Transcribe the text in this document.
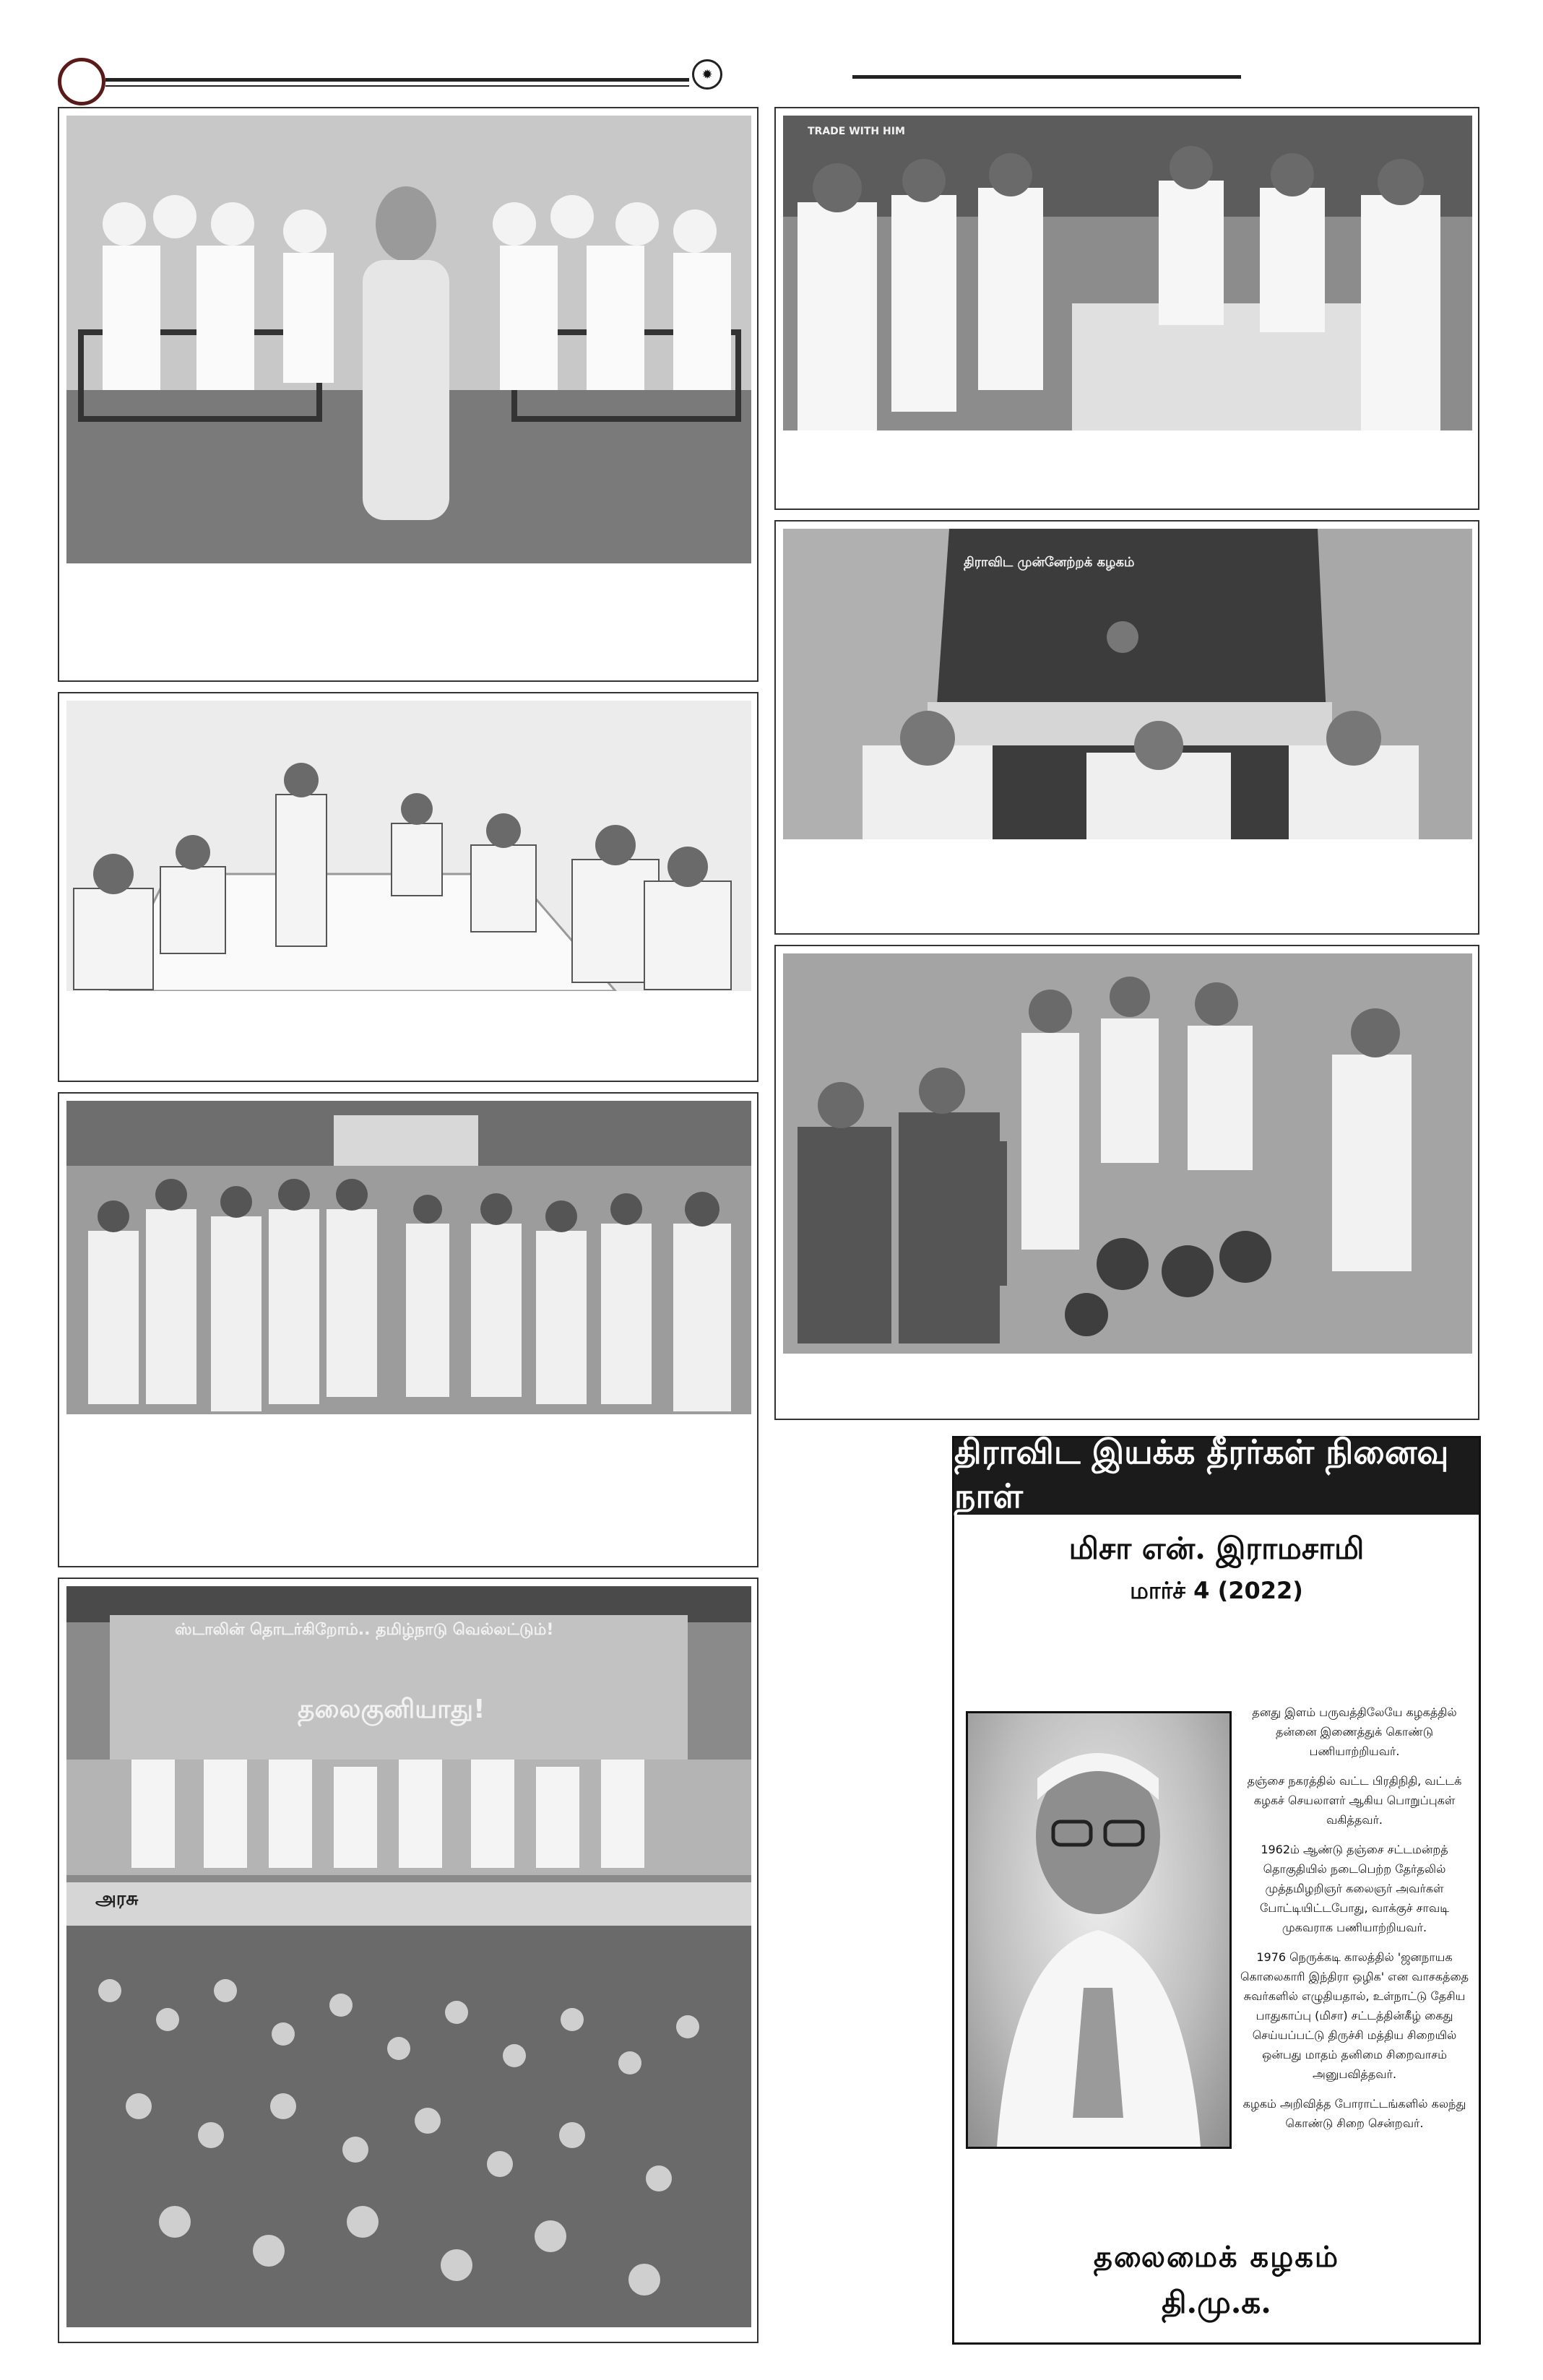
✹
TRADE WITH HIM
திராவிட முன்னேற்றக் கழகம்
ஸ்டாலின் தொடர்கிறோம்.. தமிழ்நாடு வெல்லட்டும்!
தலைகுனியாது!
அரசு
திராவிட இயக்க தீரர்கள் நினைவு நாள்
மிசா என். இராமசாமி
மார்ச் 4 (2022)

தனது இளம் பருவத்திலேயே கழகத்தில் தன்னை இணைத்துக் கொண்டு பணியாற்றியவர்.

தஞ்சை நகரத்தில் வட்ட பிரதிநிதி, வட்டக் கழகச் செயலாளர் ஆகிய பொறுப்புகள் வகித்தவர்.

1962ம் ஆண்டு தஞ்சை சட்டமன்றத் தொகுதியில் நடைபெற்ற தேர்தலில் முத்தமிழறிஞர் கலைஞர் அவர்கள் போட்டியிட்டபோது, வாக்குச் சாவடி முகவராக பணியாற்றியவர்.

1976 நெருக்கடி காலத்தில் 'ஜனநாயக கொலைகாரி இந்திரா ஒழிக' என வாசகத்தை சுவர்களில் எழுதியதால், உள்நாட்டு தேசிய பாதுகாப்பு (மிசா) சட்டத்தின்கீழ் கைது செய்யப்பட்டு திருச்சி மத்திய சிறையில் ஒன்பது மாதம் தனிமை சிறைவாசம் அனுபவித்தவர்.

கழகம் அறிவித்த போராட்டங்களில் கலந்து கொண்டு சிறை சென்றவர்.

தலைமைக் கழகம்
தி.மு.க.
